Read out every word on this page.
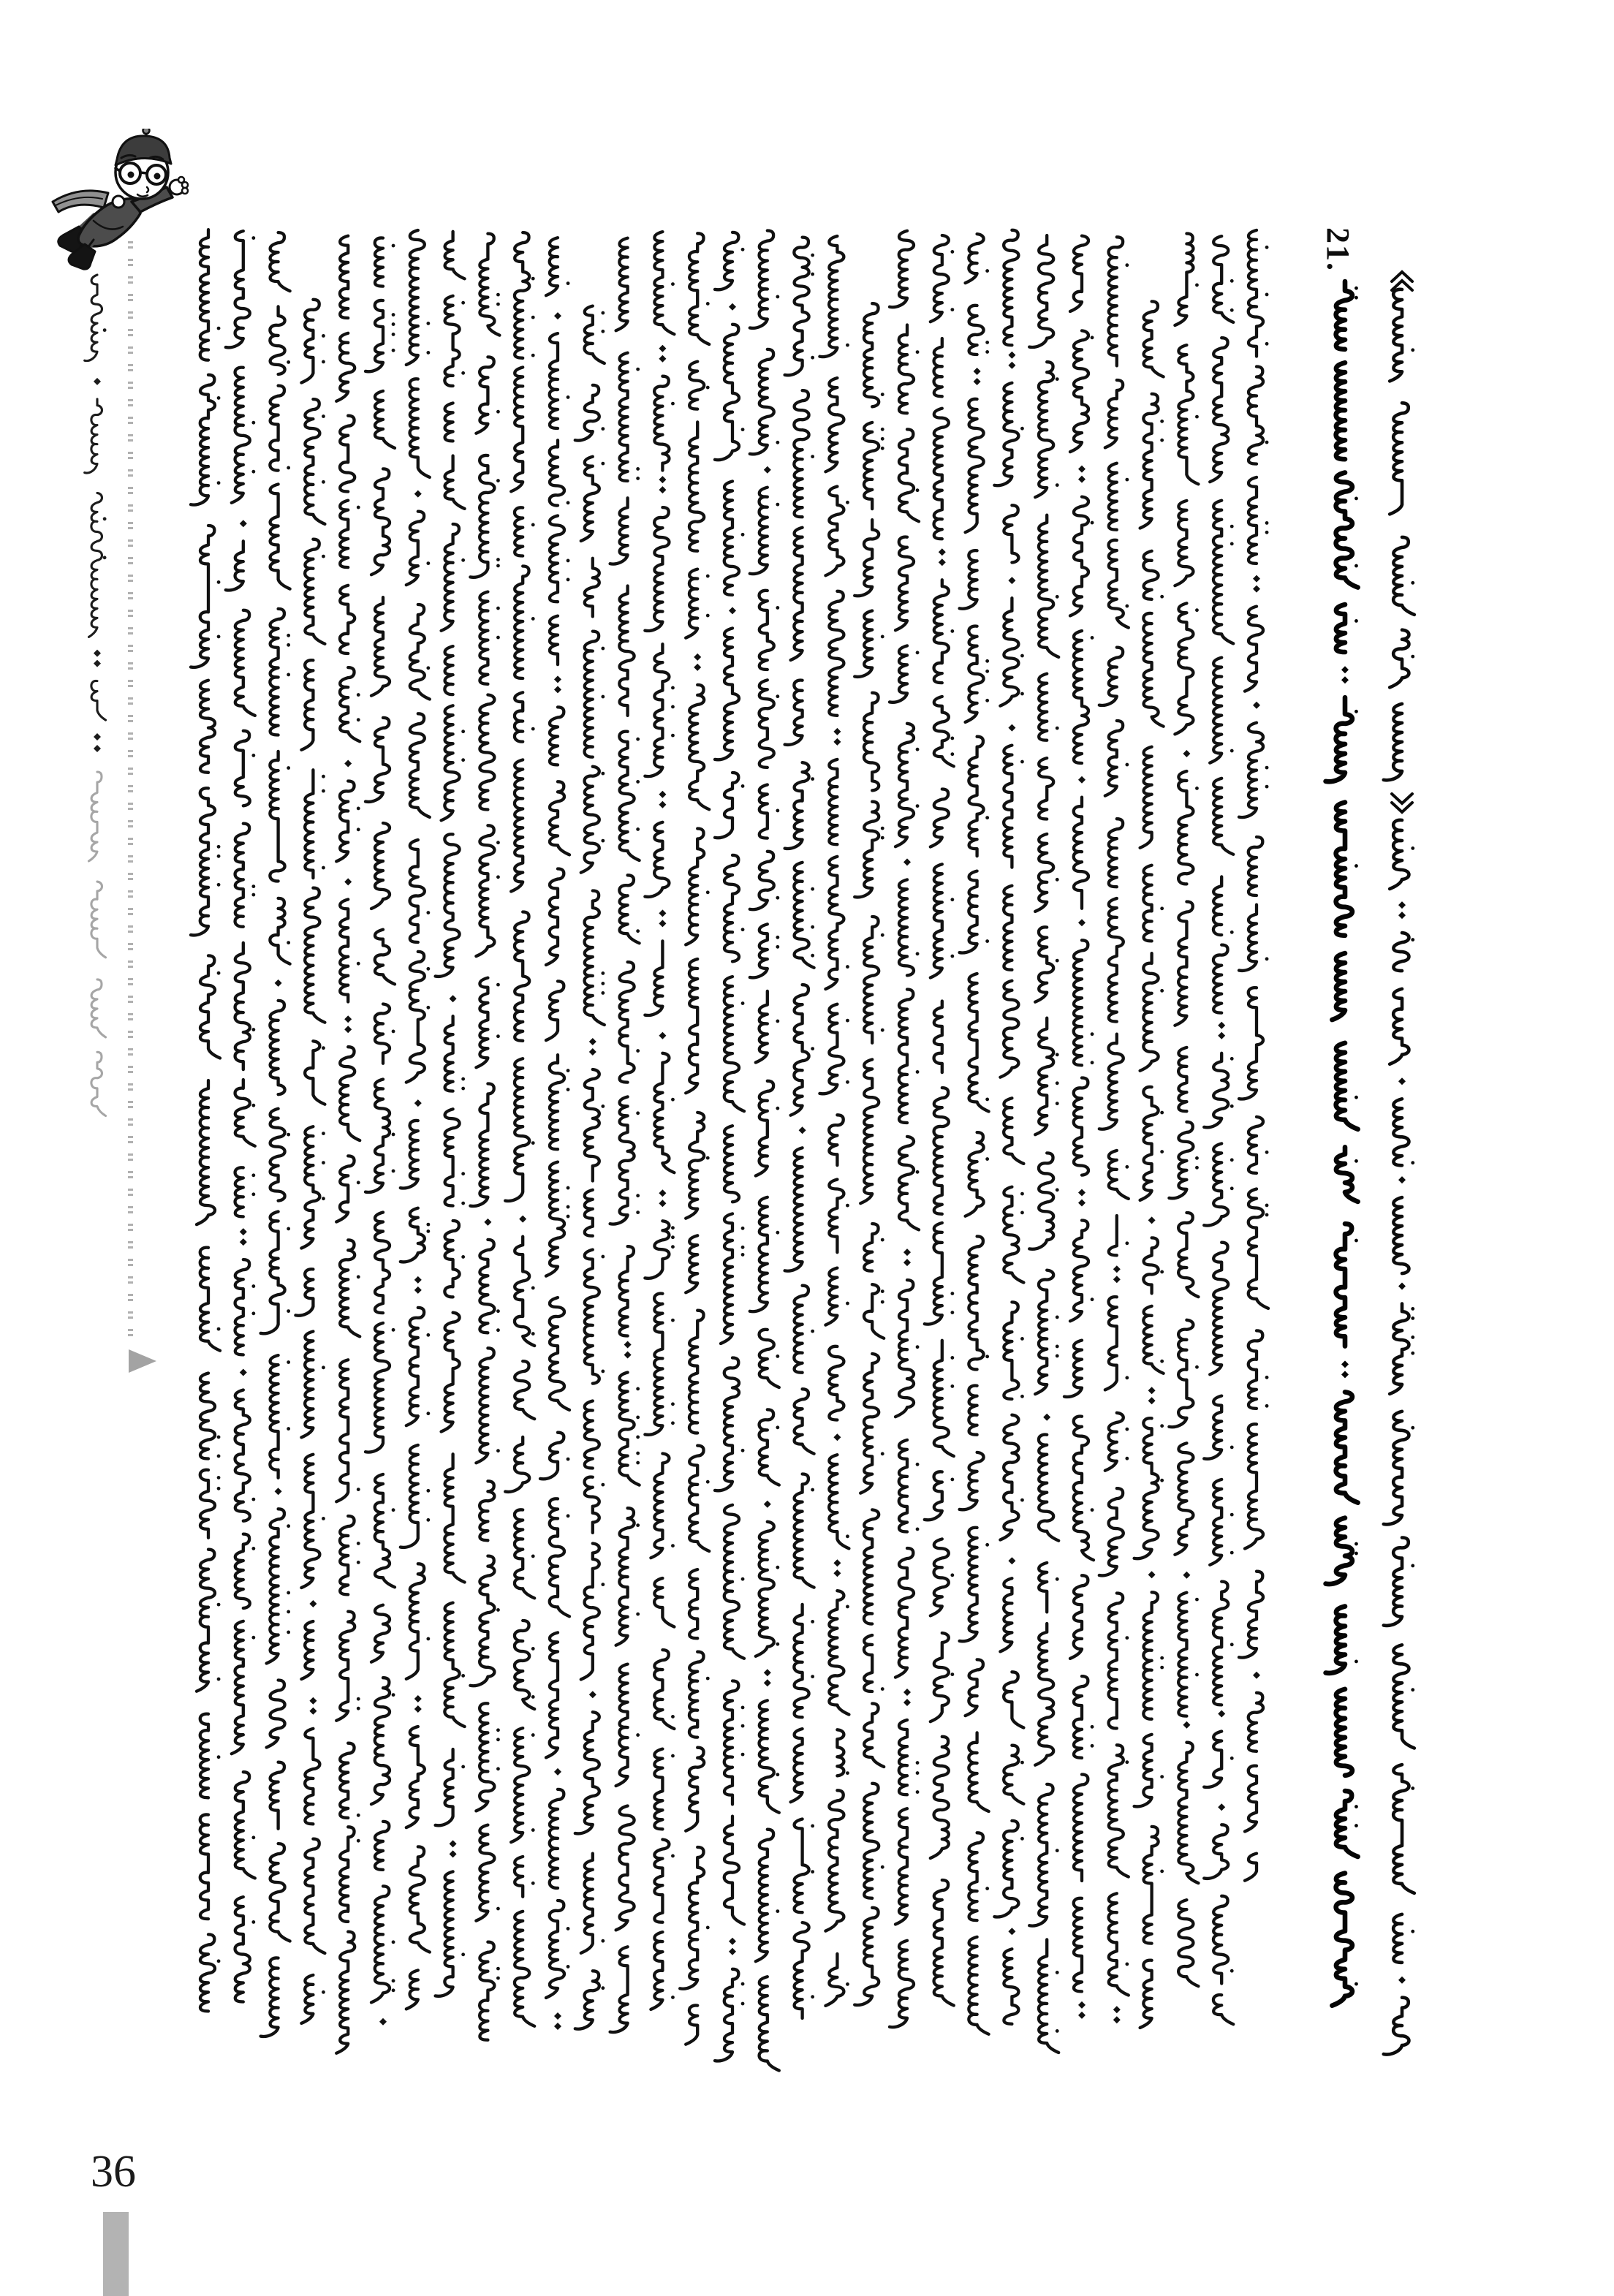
21.
36
